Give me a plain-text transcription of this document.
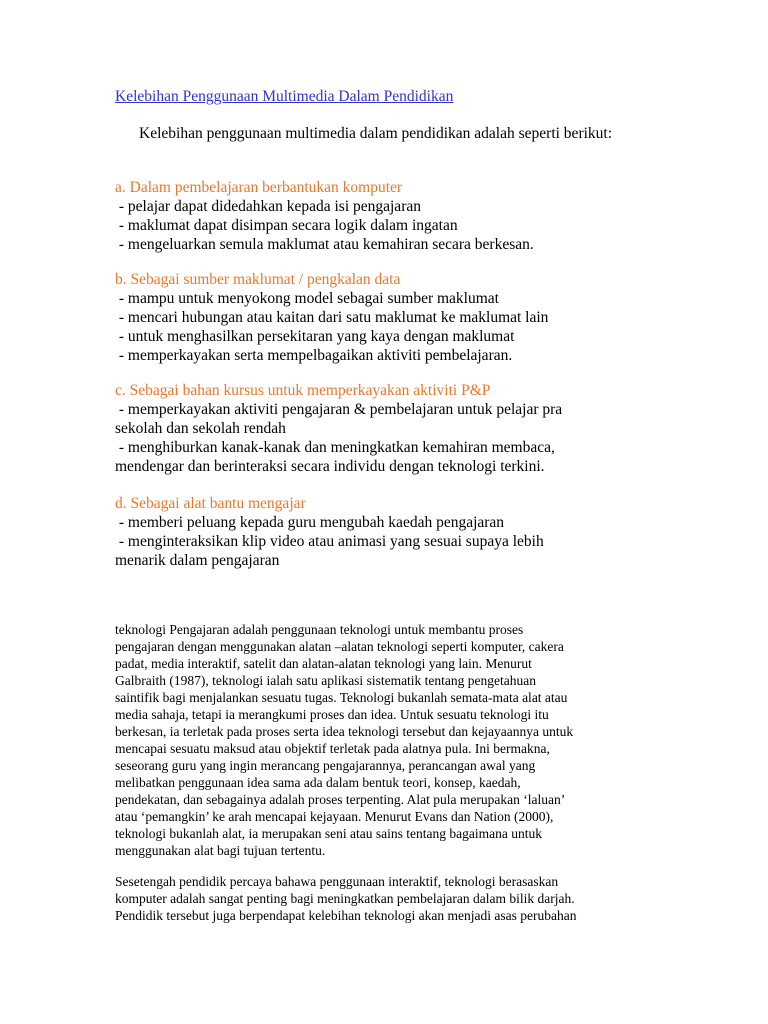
Kelebihan Penggunaan Multimedia Dalam Pendidikan
Kelebihan penggunaan multimedia dalam pendidikan adalah seperti berikut:
a. Dalam pembelajaran berbantukan komputer
- pelajar dapat didedahkan kepada isi pengajaran
- maklumat dapat disimpan secara logik dalam ingatan
- mengeluarkan semula maklumat atau kemahiran secara berkesan.
b. Sebagai sumber maklumat / pengkalan data
- mampu untuk menyokong model sebagai sumber maklumat
- mencari hubungan atau kaitan dari satu maklumat ke maklumat lain
- untuk menghasilkan persekitaran yang kaya dengan maklumat
- memperkayakan serta mempelbagaikan aktiviti pembelajaran.
c. Sebagai bahan kursus untuk memperkayakan aktiviti P&P
- memperkayakan aktiviti pengajaran & pembelajaran untuk pelajar pra
sekolah dan sekolah rendah
- menghiburkan kanak-kanak dan meningkatkan kemahiran membaca,
mendengar dan berinteraksi secara individu dengan teknologi terkini.
d. Sebagai alat bantu mengajar
- memberi peluang kepada guru mengubah kaedah pengajaran
- menginteraksikan klip video atau animasi yang sesuai supaya lebih
menarik dalam pengajaran
teknologi Pengajaran adalah penggunaan teknologi untuk membantu proses
pengajaran dengan menggunakan alatan –alatan teknologi seperti komputer, cakera
padat, media interaktif, satelit dan alatan-alatan teknologi yang lain. Menurut
Galbraith (1987), teknologi ialah satu aplikasi sistematik tentang pengetahuan
saintifik bagi menjalankan sesuatu tugas. Teknologi bukanlah semata-mata alat atau
media sahaja, tetapi ia merangkumi proses dan idea. Untuk sesuatu teknologi itu
berkesan, ia terletak pada proses serta idea teknologi tersebut dan kejayaannya untuk
mencapai sesuatu maksud atau objektif terletak pada alatnya pula. Ini bermakna,
seseorang guru yang ingin merancang pengajarannya, perancangan awal yang
melibatkan penggunaan idea sama ada dalam bentuk teori, konsep, kaedah,
pendekatan, dan sebagainya adalah proses terpenting. Alat pula merupakan ‘laluan’
atau ‘pemangkin’ ke arah mencapai kejayaan. Menurut Evans dan Nation (2000),
teknologi bukanlah alat, ia merupakan seni atau sains tentang bagaimana untuk
menggunakan alat bagi tujuan tertentu.
Sesetengah pendidik percaya bahawa penggunaan interaktif, teknologi berasaskan
komputer adalah sangat penting bagi meningkatkan pembelajaran dalam bilik darjah.
Pendidik tersebut juga berpendapat kelebihan teknologi akan menjadi asas perubahan
